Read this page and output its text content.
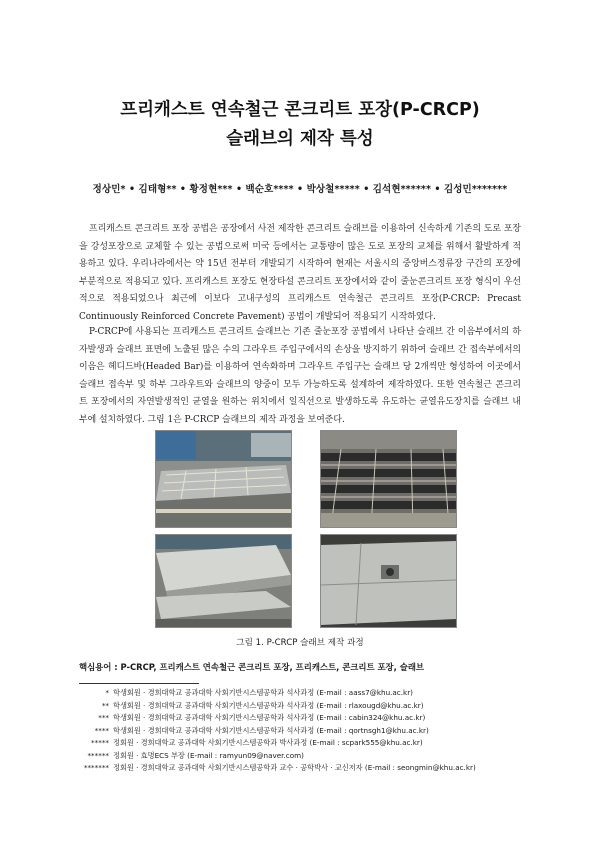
프리캐스트 연속철근 콘크리트 포장(P-CRCP)
슬래브의 제작 특성
정상민* • 김태형** • 황정현*** • 백순호**** • 박상철***** • 김석현****** • 김성민*******

프리캐스트 콘크리트 포장 공법은 공장에서 사전 제작한 콘크리트 슬래브를 이용하여 신속하게 기존의 도로 포장을 강성포장으로 교체할 수 있는 공법으로써 미국 등에서는 교통량이 많은 도로 포장의 교체를 위해서 활발하게 적용하고 있다. 우리나라에서는 약 15년 전부터 개발되기 시작하여 현재는 서울시의 중앙버스정류장 구간의 포장에 부분적으로 적용되고 있다. 프리캐스트 포장도 현장타설 콘크리트 포장에서와 같이 줄눈콘크리트 포장 형식이 우선적으로 적용되었으나 최근에 이보다 고내구성의 프리캐스트 연속철근 콘크리트 포장(P-CRCP: Precast Continuously Reinforced Concrete Pavement) 공법이 개발되어 적용되기 시작하였다.

P-CRCP에 사용되는 프리캐스트 콘크리트 슬래브는 기존 줄눈포장 공법에서 나타난 슬래브 간 이음부에서의 하자발생과 슬래브 표면에 노출된 많은 수의 그라우트 주입구에서의 손상을 방지하기 위하여 슬래브 간 접속부에서의 이음은 헤디드바(Headed Bar)를 이용하여 연속화하며 그라우트 주입구는 슬래브 당 2개씩만 형성하여 이곳에서 슬래브 접속부 및 하부 그라우트와 슬래브의 양중이 모두 가능하도록 설계하여 제작하였다. 또한 연속철근 콘크리트 포장에서의 자연발생적인 균열을 원하는 위치에서 일직선으로 발생하도록 유도하는 균열유도장치를 슬래브 내부에 설치하였다. 그림 1은 P-CRCP 슬래브의 제작 과정을 보여준다.

그림 1. P-CRCP 슬래브 제작 과정
핵심용어 : P-CRCP, 프리캐스트 연속철근 콘크리트 포장, 프리캐스트, 콘크리트 포장, 슬래브
* 학생회원 · 경희대학교 공과대학 사회기반시스템공학과 석사과정 (E-mail : aass7@khu.ac.kr)
** 학생회원 · 경희대학교 공과대학 사회기반시스템공학과 석사과정 (E-mail : rlaxougd@khu.ac.kr)
*** 학생회원 · 경희대학교 공과대학 사회기반시스템공학과 석사과정 (E-mail : cabin324@khu.ac.kr)
**** 학생회원 · 경희대학교 공과대학 사회기반시스템공학과 석사과정 (E-mail : qortnsgh1@khu.ac.kr)
***** 정회원 · 경희대학교 공과대학 사회기반시스템공학과 박사과정 (E-mail : scpark555@khu.ac.kr)
****** 정회원 · 효명ECS 부장 (E-mail : ramyun09@naver.com)
******* 정회원 · 경희대학교 공과대학 사회기반시스템공학과 교수 · 공학박사 · 교신저자 (E-mail : seongmin@khu.ac.kr)
